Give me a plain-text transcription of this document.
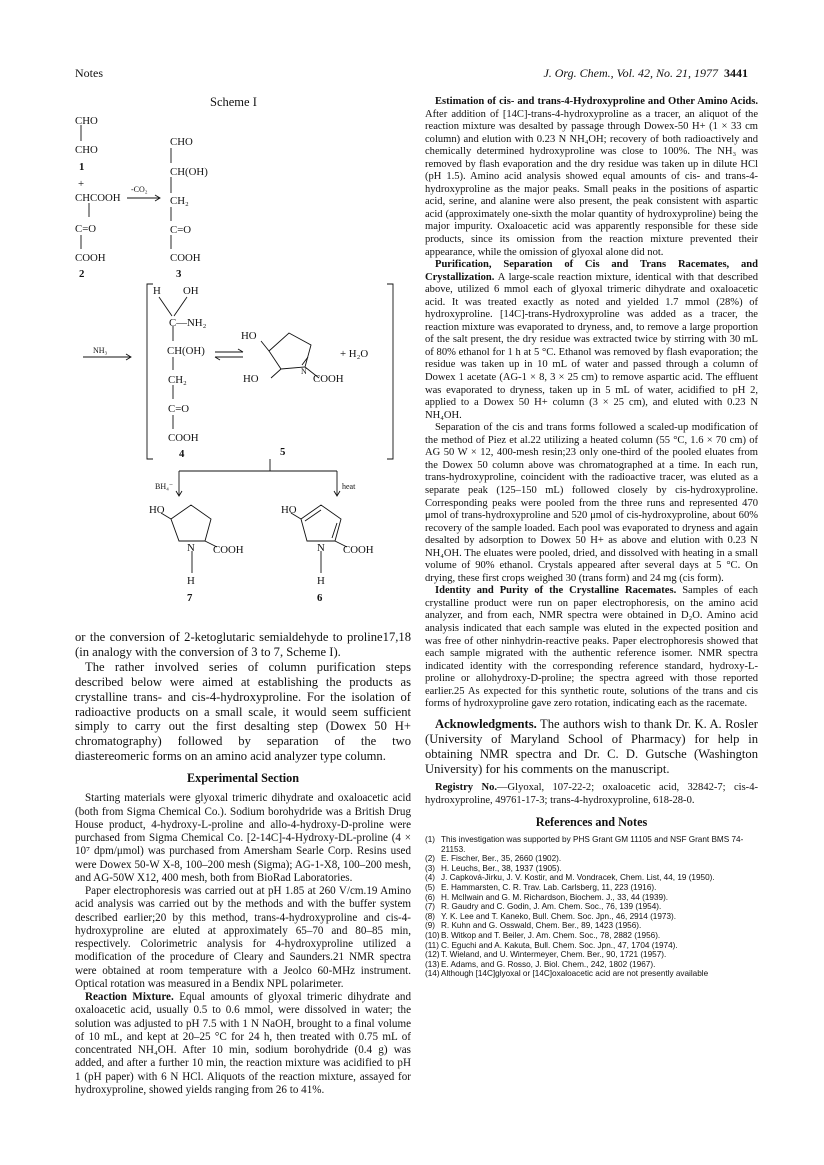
Notes	J. Org. Chem., Vol. 42, No. 21, 1977 3441
Scheme I
CHO
CHO
1
+
CHCOOH
C=O
COOH
2
-CO₂
CHO
CH(OH)
CH₂
C=O
COOH
3
NH₃
H OH
C—NH₂
CH(OH)
CH₂
C=O
COOH
4
HO
HO
N
COOH
+ H₂O
5
BH₄⁻	heat
HO
N COOH
H
7
HO
N COOH
H
6

or the conversion of 2-ketoglutaric semialdehyde to proline17,18 (in analogy with the conversion of 3 to 7, Scheme I).

The rather involved series of column purification steps described below were aimed at establishing the products as crystalline trans- and cis-4-hydroxyproline. For the isolation of radioactive products on a small scale, it would seem sufficient simply to carry out the first desalting step (Dowex 50 H+ chromatography) followed by separation of the two diastereomeric forms on an amino acid analyzer type column.

Experimental Section

Starting materials were glyoxal trimeric dihydrate and oxaloacetic acid (both from Sigma Chemical Co.). Sodium borohydride was a British Drug House product, 4-hydroxy-L-proline and allo-4-hydroxy-D-proline were purchased from Sigma Chemical Co. [2-14C]-4-Hydroxy-DL-proline (4 × 10⁷ dpm/μmol) was purchased from Amersham Searle Corp. Resins used were Dowex 50-W X-8, 100–200 mesh (Sigma); AG-1-X8, 100–200 mesh, and AG-50W X12, 400 mesh, both from BioRad Laboratories.

Paper electrophoresis was carried out at pH 1.85 at 260 V/cm.19 Amino acid analysis was carried out by the methods and with the buffer system described earlier;20 by this method, trans-4-hydroxyproline and cis-4-hydroxyproline are eluted at approximately 65–70 and 80–85 min, respectively. Colorimetric analysis for 4-hydroxyproline utilized a modification of the procedure of Cleary and Saunders.21 NMR spectra were obtained at room temperature with a Jeolco 60-MHz instrument. Optical rotation was measured in a Bendix NPL polarimeter.

Reaction Mixture. Equal amounts of glyoxal trimeric dihydrate and oxaloacetic acid, usually 0.5 to 0.6 mmol, were dissolved in water; the solution was adjusted to pH 7.5 with 1 N NaOH, brought to a final volume of 10 mL, and kept at 20–25 °C for 24 h, then treated with 0.75 mL of concentrated NH₄OH. After 10 min, sodium borohydride (0.4 g) was added, and after a further 10 min, the reaction mixture was acidified to pH 1 (pH paper) with 6 N HCl. Aliquots of the reaction mixture, assayed for hydroxyproline, showed yields ranging from 26 to 41%.

Estimation of cis- and trans-4-Hydroxyproline and Other Amino Acids. After addition of [14C]-trans-4-hydroxyproline as a tracer, an aliquot of the reaction mixture was desalted by passage through Dowex-50 H+ (1 × 33 cm column) and elution with 0.23 N NH₄OH; recovery of both radioactively and chemically determined hydroxyproline was close to 100%. The NH₃ was removed by flash evaporation and the dry residue was taken up in dilute HCl (pH 1.5). Amino acid analysis showed equal amounts of cis- and trans-4-hydroxyproline as the major peaks. Small peaks in the positions of aspartic acid, serine, and alanine were also present, the peak consistent with aspartic acid (approximately one-sixth the molar quantity of hydroxyproline) being the major impurity. Oxaloacetic acid was apparently responsible for these side products, since its omission from the reaction mixture prevented their appearance, while the omission of glyoxal alone did not.

Purification, Separation of Cis and Trans Racemates, and Crystallization. A large-scale reaction mixture, identical with that described above, utilized 6 mmol each of glyoxal trimeric dihydrate and oxaloacetic acid. It was treated exactly as noted and yielded 1.7 mmol (28%) of hydroxyproline. [14C]-trans-Hydroxyproline was added as a tracer, the reaction mixture was evaporated to dryness, and, to remove a large proportion of the salt present, the dry residue was extracted twice by stirring with 30 mL of 80% ethanol for 1 h at 5 °C. Ethanol was removed by flash evaporation; the residue was taken up in 10 mL of water and passed through a column of Dowex 1 acetate (AG-1 × 8, 3 × 25 cm) to remove aspartic acid. The effluent was evaporated to dryness, taken up in 5 mL of water, acidified to pH 2, applied to a Dowex 50 H+ column (3 × 25 cm), and eluted with 0.23 N NH₄OH.

Separation of the cis and trans forms followed a scaled-up modification of the method of Piez et al.22 utilizing a heated column (55 °C, 1.6 × 70 cm) of AG 50 W × 12, 400-mesh resin;23 only one-third of the pooled eluates from the Dowex 50 column above was chromatographed at a time. In each run, trans-hydroxyproline, coincident with the radioactive tracer, was eluted as a separate peak (125–150 mL) followed closely by cis-hydroxyproline. Corresponding peaks were pooled from the three runs and represented 470 μmol of trans-hydroxyproline and 520 μmol of cis-hydroxyproline, about 60% recovery of the sample loaded. Each pool was evaporated to dryness and again desalted by adsorption to Dowex 50 H+ as above and elution with 0.23 N NH₄OH. The eluates were pooled, dried, and dissolved with heating in a small volume of 90% ethanol. Crystals appeared after several days at 5 °C. On drying, these first crops weighed 30 (trans form) and 24 mg (cis form).

Identity and Purity of the Crystalline Racemates. Samples of each crystalline product were run on paper electrophoresis, on the amino acid analyzer, and from each, NMR spectra were obtained in D₂O. Amino acid analysis indicated that each sample was eluted in the expected position and was free of other ninhydrin-reactive peaks. Paper electrophoresis showed that each sample migrated with the authentic reference isomer. NMR spectra indicated identity with the corresponding reference standard, hydroxy-L-proline or allohydroxy-D-proline; the spectra agreed with those reported earlier.25 As expected for this synthetic route, solutions of the trans and cis forms of hydroxyproline gave zero rotation, indicating each as the racemate.

Acknowledgments. The authors wish to thank Dr. K. A. Rosler (University of Maryland School of Pharmacy) for help in obtaining NMR spectra and Dr. C. D. Gutsche (Washington University) for his comments on the manuscript.

Registry No.—Glyoxal, 107-22-2; oxaloacetic acid, 32842-7; cis-4-hydroxyproline, 49761-17-3; trans-4-hydroxyproline, 618-28-0.

References and Notes
(1) This investigation was supported by PHS Grant GM 11105 and NSF Grant BMS 74-21153.
(2) E. Fischer, Ber., 35, 2660 (1902).
(3) H. Leuchs, Ber., 38, 1937 (1905).
(4) J. Capková-Jirku, J. V. Kostir, and M. Vondracek, Chem. List, 44, 19 (1950).
(5) E. Hammarsten, C. R. Trav. Lab. Carlsberg, 11, 223 (1916).
(6) H. McIlwain and G. M. Richardson, Biochem. J., 33, 44 (1939).
(7) R. Gaudry and C. Godin, J. Am. Chem. Soc., 76, 139 (1954).
(8) Y. K. Lee and T. Kaneko, Bull. Chem. Soc. Jpn., 46, 2914 (1973).
(9) R. Kuhn and G. Osswald, Chem. Ber., 89, 1423 (1956).
(10) B. Witkop and T. Beiler, J. Am. Chem. Soc., 78, 2882 (1956).
(11) C. Eguchi and A. Kakuta, Bull. Chem. Soc. Jpn., 47, 1704 (1974).
(12) T. Wieland, and U. Wintermeyer, Chem. Ber., 90, 1721 (1957).
(13) E. Adams, and G. Rosso, J. Biol. Chem., 242, 1802 (1967).
(14) Although [14C]glyoxal or [14C]oxaloacetic acid are not presently available
